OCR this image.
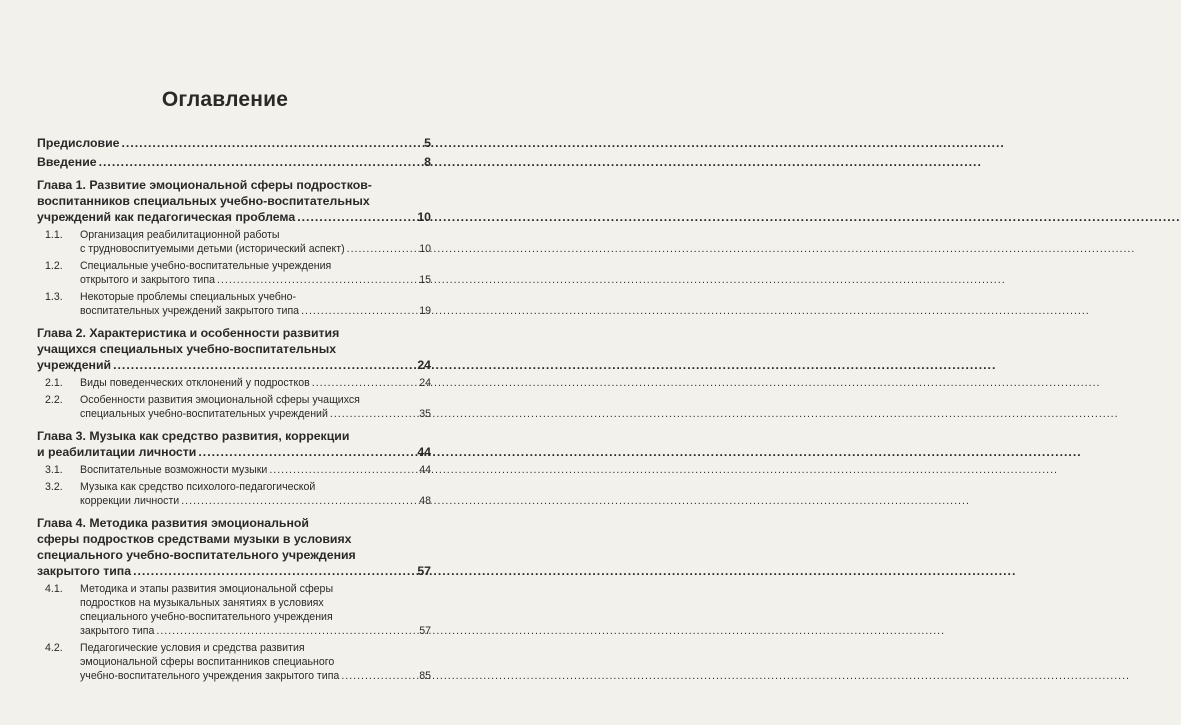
Оглавление
Предисловие .....	5
Введение .....	8
Глава 1. Развитие эмоциональной сферы подростков-
воспитанников специальных учебно-воспитательных
учреждений как педагогическая проблема .....	10
1.1.	Организация реабилитационной работы
с трудновоспитуемыми детьми (исторический аспект) .....	10
1.2.	Специальные учебно-воспитательные учреждения
открытого и закрытого типа .....	15
1.3.	Некоторые проблемы специальных учебно-
воспитательных учреждений закрытого типа .....	19
Глава 2. Характеристика и особенности развития
учащихся специальных учебно-воспитательных
учреждений .....	24
2.1. Виды поведенческих отклонений у подростков .....	24
2.2.	Особенности развития эмоциональной сферы учащихся
специальных учебно-воспитательных учреждений .....	35
Глава 3. Музыка как средство развития, коррекции
и реабилитации личности .....	44
3.1. Воспитательные возможности музыки .....	44
3.2.	Музыка как средство психолого-педагогической
коррекции личности .....	48
Глава 4. Методика развития эмоциональной
сферы подростков средствами музыки в условиях
специального учебно-воспитательного учреждения
закрытого типа .....	57
4.1.	Методика и этапы развития эмоциональной сферы
подростков на музыкальных занятиях в условиях
специального учебно-воспитательного учреждения
закрытого типа .....	57
4.2.	Педагогические условия и средства развития
эмоциональной сферы воспитанников специаьного
учебно-воспитательного учреждения закрытого типа .....	85
